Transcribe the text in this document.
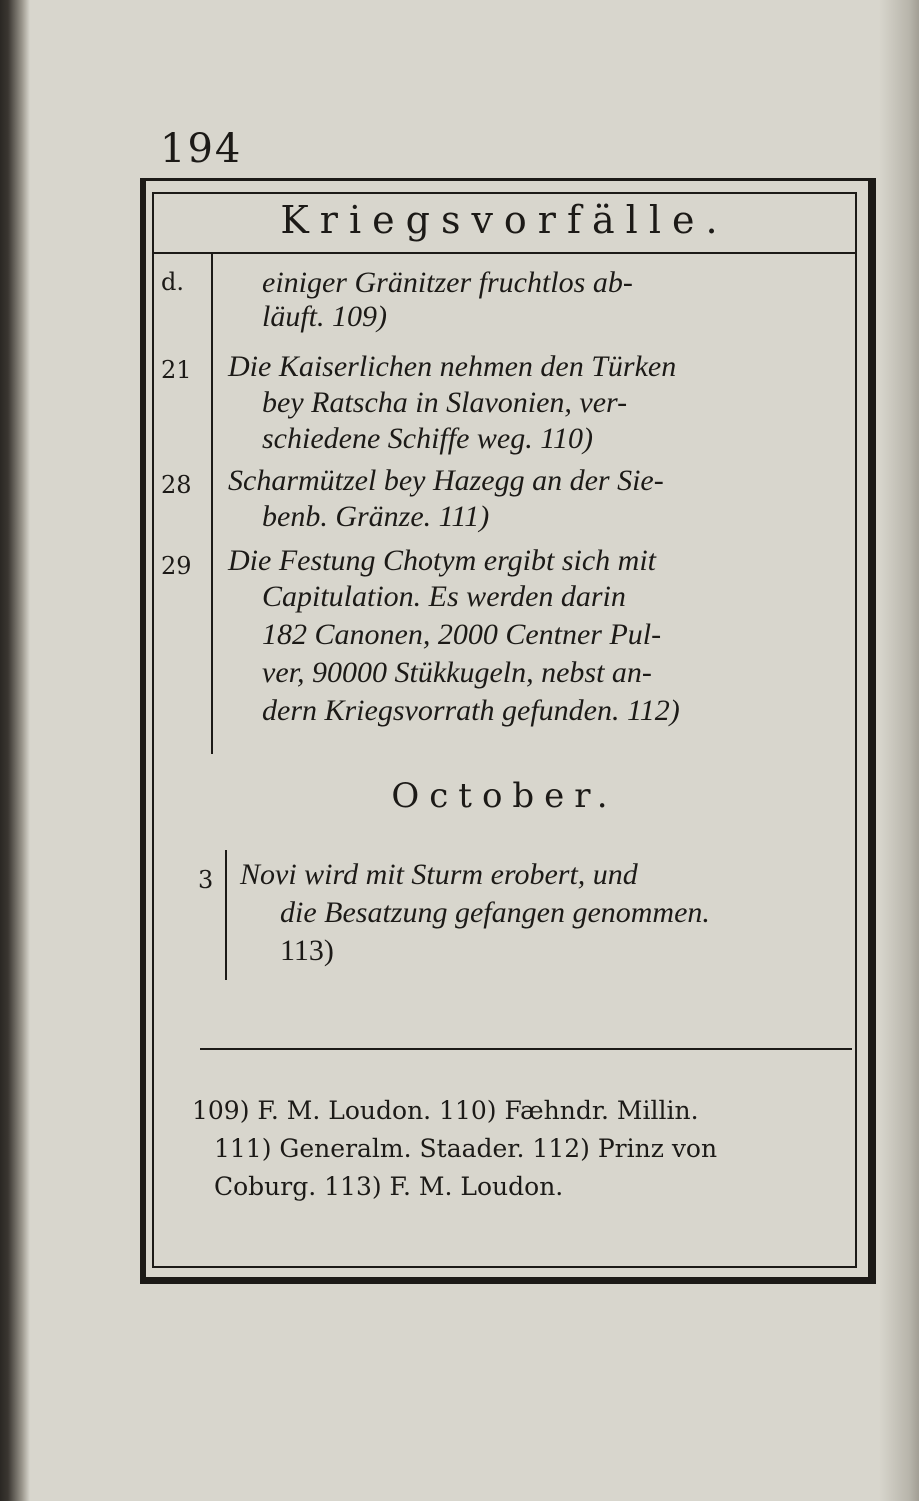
194
Kriegsvorfälle.
d.	einiger Gränitzer fruchtlos ab-
läuft. 109)
21 Die Kaiserlichen nehmen den Türken
bey Ratscha in Slavonien, ver-
schiedene Schiffe weg. 110)
28 Scharmützel bey Hazegg an der Sie-
benb. Gränze. 111)
29 Die Festung Chotym ergibt sich mit
Capitulation. Es werden darin
182 Canonen, 2000 Centner Pul-
ver, 90000 Stükkugeln, nebst an-
dern Kriegsvorrath gefunden. 112)
October.
3 Novi wird mit Sturm erobert, und
die Besatzung gefangen genommen.
113)
109) F. M. Loudon. 110) Fæhndr. Millin.
111) Generalm. Staader. 112) Prinz von
Coburg. 113) F. M. Loudon.
